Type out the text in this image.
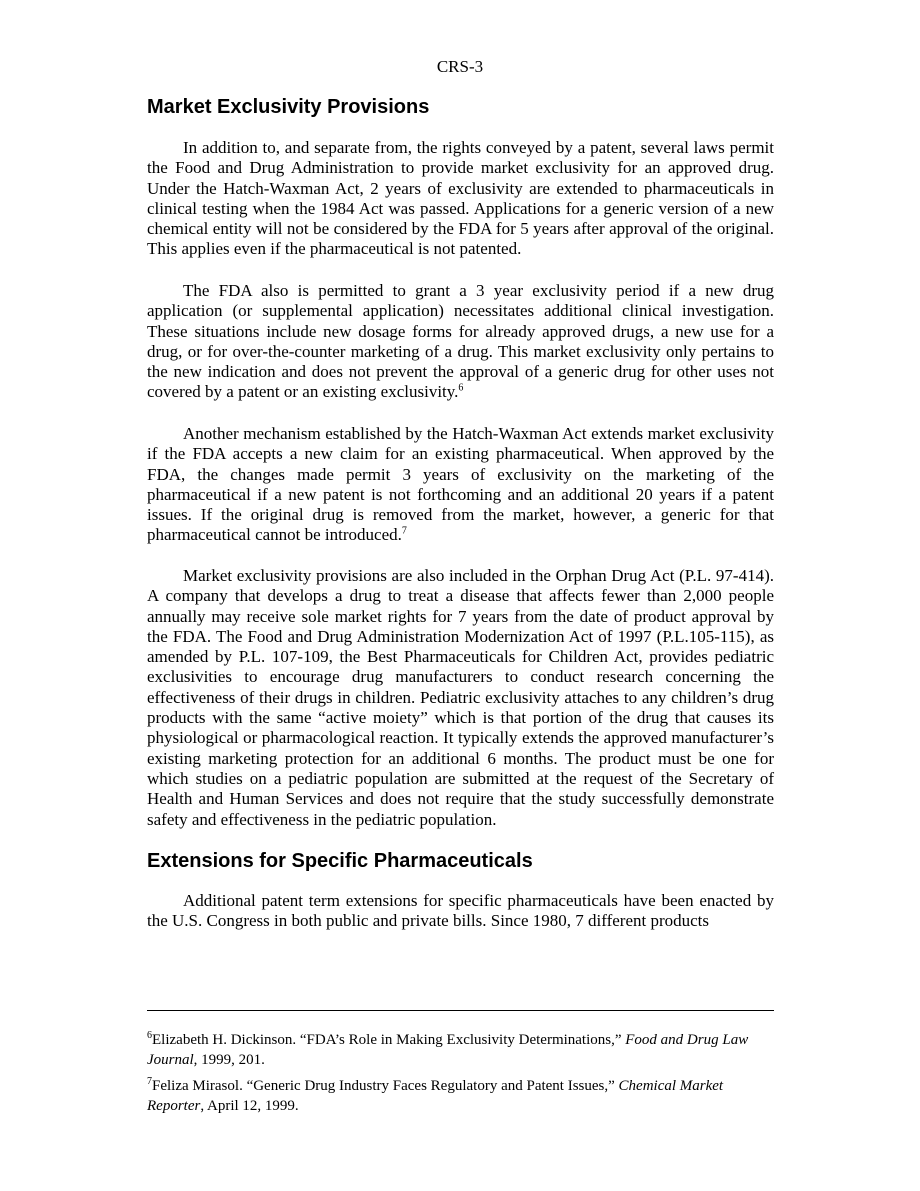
CRS-3
Market Exclusivity Provisions

In addition to, and separate from, the rights conveyed by a patent, several laws permit the Food and Drug Administration to provide market exclusivity for an approved drug. Under the Hatch-Waxman Act, 2 years of exclusivity are extended to pharmaceuticals in clinical testing when the 1984 Act was passed. Applications for a generic version of a new chemical entity will not be considered by the FDA for 5 years after approval of the original. This applies even if the pharmaceutical is not patented.

The FDA also is permitted to grant a 3 year exclusivity period if a new drug application (or supplemental application) necessitates additional clinical investigation. These situations include new dosage forms for already approved drugs, a new use for a drug, or for over-the-counter marketing of a drug. This market exclusivity only pertains to the new indication and does not prevent the approval of a generic drug for other uses not covered by a patent or an existing exclusivity.$^6$

Another mechanism established by the Hatch-Waxman Act extends market exclusivity if the FDA accepts a new claim for an existing pharmaceutical. When approved by the FDA, the changes made permit 3 years of exclusivity on the marketing of the pharmaceutical if a new patent is not forthcoming and an additional 20 years if a patent issues. If the original drug is removed from the market, however, a generic for that pharmaceutical cannot be introduced.$^7$

Market exclusivity provisions are also included in the Orphan Drug Act (P.L. 97-414). A company that develops a drug to treat a disease that affects fewer than 2,000 people annually may receive sole market rights for 7 years from the date of product approval by the FDA. The Food and Drug Administration Modernization Act of 1997 (P.L.105-115), as amended by P.L. 107-109, the Best Pharmaceuticals for Children Act, provides pediatric exclusivities to encourage drug manufacturers to conduct research concerning the effectiveness of their drugs in children. Pediatric exclusivity attaches to any children’s drug products with the same “active moiety” which is that portion of the drug that causes its physiological or pharmacological reaction. It typically extends the approved manufacturer’s existing marketing protection for an additional 6 months. The product must be one for which studies on a pediatric population are submitted at the request of the Secretary of Health and Human Services and does not require that the study successfully demonstrate safety and effectiveness in the pediatric population.

Extensions for Specific Pharmaceuticals

Additional patent term extensions for specific pharmaceuticals have been enacted by the U.S. Congress in both public and private bills. Since 1980, 7 different products

$^6$Elizabeth H. Dickinson. “FDA’s Role in Making Exclusivity Determinations,” Food and Drug Law Journal, 1999, 201.

$^7$Feliza Mirasol. “Generic Drug Industry Faces Regulatory and Patent Issues,” Chemical Market Reporter, April 12, 1999.
